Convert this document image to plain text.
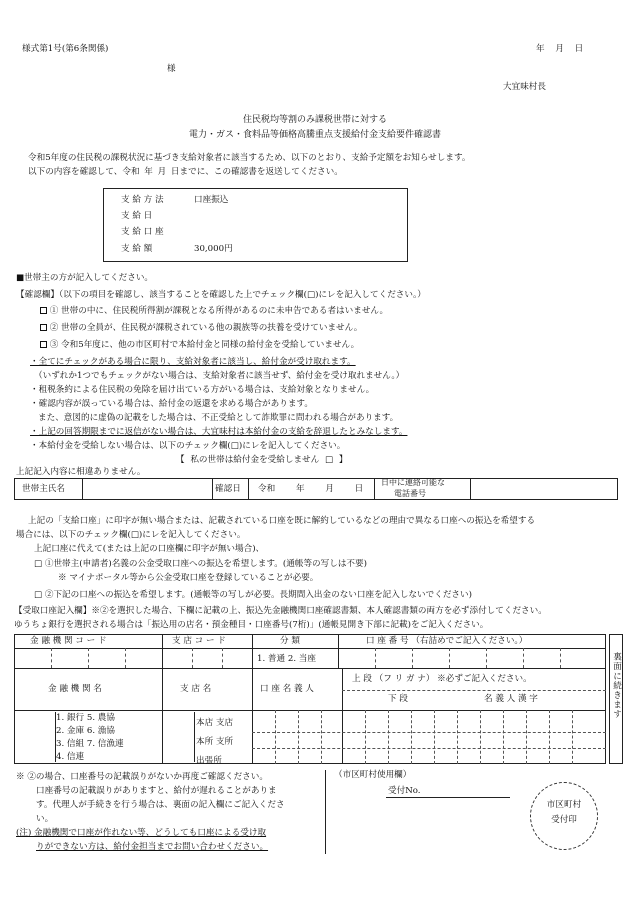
様式第1号(第6条関係)	年 月 日
様
大宜味村長
住民税均等割のみ課税世帯に対する
電力・ガス・食料品等価格高騰重点支援給付金支給要件確認書
令和5年度の住民税の課税状況に基づき支給対象者に該当するため、以下のとおり、支給予定額をお知らせします。
以下の内容を確認して、令和 年 月 日までに、この確認書を返送してください。
支 給 方 法	口座振込
支 給 日
支 給 口 座
支 給 額	30,000円
■世帯主の方が記入してください。
【確認欄】（以下の項目を確認し、該当することを確認した上でチェック欄(□)にレを記入してください。）
① 世帯の中に、住民税所得割が課税となる所得があるのに未申告である者はいません。
② 世帯の全員が、住民税が課税されている他の親族等の扶養を受けていません。
③ 令和5年度に、他の市区町村で本給付金と同様の給付金を受給していません。
・全てにチェックがある場合に限り、支給対象者に該当し、給付金が受け取れます。
（いずれか1つでもチェックがない場合は、支給対象者に該当せず、給付金を受け取れません。）
・租税条約による住民税の免除を届け出ている方がいる場合は、支給対象となりません。
・確認内容が誤っている場合は、給付金の返還を求める場合があります。
また、意図的に虚偽の記載をした場合は、不正受給として詐欺罪に問われる場合があります。
・上記の回答期限までに返信がない場合は、大宜味村は本給付金の支給を辞退したとみなします。
・本給付金を受給しない場合は、以下のチェック欄(□)にレを記入してください。
【 私の世帯は給付金を受給しません □ 】
上記記入内容に相違ありません。
世帯主氏名	確認日 令和 年 月 日
日中に連絡可能な
電話番号
上記の「支給口座」に印字が無い場合または、記載されている口座を既に解約しているなどの理由で異なる口座への振込を希望する
場合には、以下のチェック欄(□)にレを記入してください。
上記口座に代えて(または上記の口座欄に印字が無い場合)、
□ ①世帯主(申請者)名義の公金受取口座への振込を希望します。(通帳等の写しは不要)
※ マイナポータル等から公金受取口座を登録していることが必要。
□ ②下記の口座への振込を希望します。(通帳等の写しが必要。長期間入出金のない口座を記入しないでください)
【受取口座記入欄】※②を選択した場合、下欄に記載の上、振込先金融機関口座確認書類、本人確認書類の両方を必ず添付してください。
ゆうちょ銀行を選択される場合は「振込用の店名・預金種目・口座番号(7桁)」(通帳見開き下部に記載)をご記入ください。
金 融 機 関 コ ー ド	支 店 コ ー ド	分 類	口 座 番 号 （右詰めでご記入ください。）
1. 普通 2. 当座
金 融 機 関 名	支 店 名	口 座 名 義 人
上 段 （フ リ ガ ナ） ※必ずご記入ください。
下 段	名 義 人 漢 字
1. 銀行 5. 農協
2. 金庫 6. 漁協
3. 信組 7. 信漁連
4. 信連
本店 支店
本所 支所
出張所
裏面に続きます
※ ②の場合、口座番号の記載誤りがないか再度ご確認ください。
口座番号の記載誤りがありますと、給付が遅れることがありま
す。代理人が手続きを行う場合は、裏面の記入欄にご記入くださ
い。
(注) 金融機関で口座が作れない等、どうしても口座による受け取
りができない方は、給付金担当までお問い合わせください。
（市区町村使用欄）
受付No.
市区町村
受付印
